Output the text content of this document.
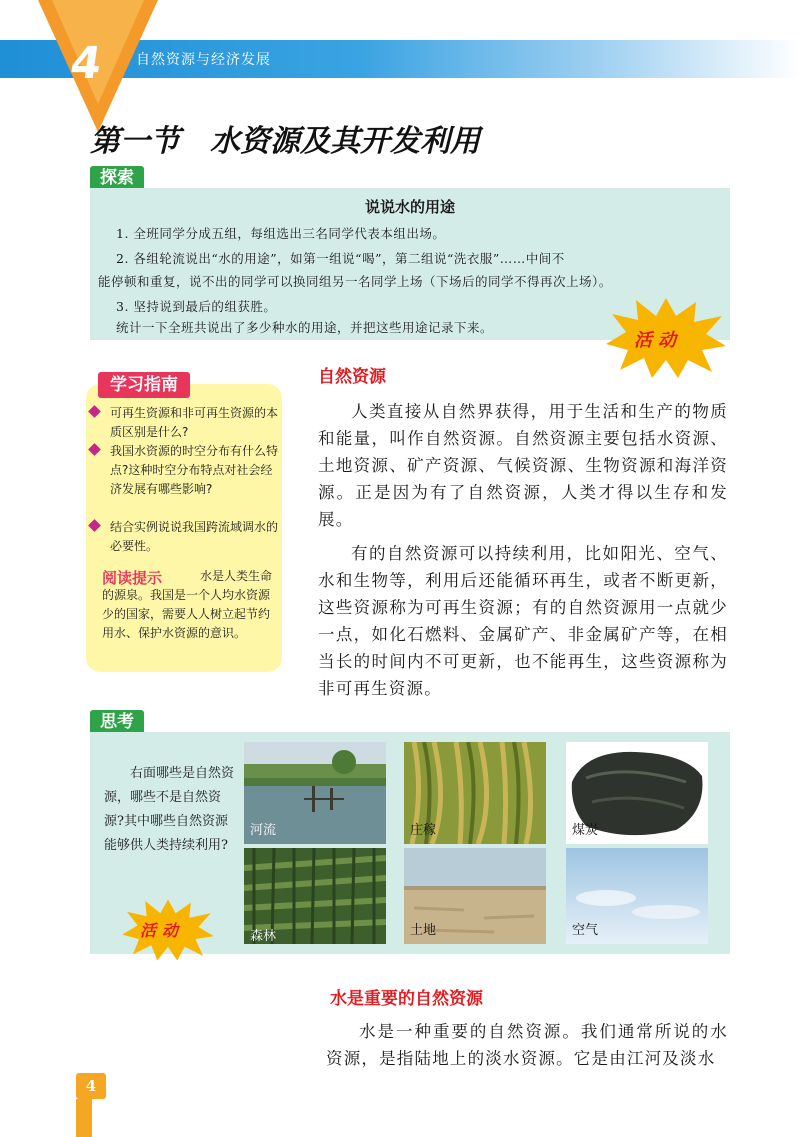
4	自然资源与经济发展
第一节　水资源及其开发利用
探索
说说水的用途

1. 全班同学分成五组，每组选出三名同学代表本组出场。

2. 各组轮流说出“水的用途”，如第一组说“喝”，第二组说“洗衣服”……中间不

能停顿和重复，说不出的同学可以换同组另一名同学上场（下场后的同学不得再次上场）。

3. 坚持说到最后的组获胜。

统计一下全班共说出了多少种水的用途，并把这些用途记录下来。

活动
学习指南
可再生资源和非可再生资源的本质区别是什么?
我国水资源的时空分布有什么特点?这种时空分布特点对社会经济发展有哪些影响?
结合实例说说我国跨流域调水的必要性。
水是人类生命的源泉。我国是一个人均水资源少的国家，需要人人树立起节约用水、保护水资源的意识。
阅读提示
自然资源

人类直接从自然界获得，用于生活和生产的物质和能量，叫作自然资源。自然资源主要包括水资源、土地资源、矿产资源、气候资源、生物资源和海洋资源。正是因为有了自然资源，人类才得以生存和发展。

有的自然资源可以持续利用，比如阳光、空气、水和生物等，利用后还能循环再生，或者不断更新，这些资源称为可再生资源；有的自然资源用一点就少一点，如化石燃料、金属矿产、非金属矿产等，在相当长的时间内不可更新，也不能再生，这些资源称为非可再生资源。

思考
右面哪些是自然资源，哪些不是自然资源?其中哪些自然资源能够供人类持续利用?
活动
河流	庄稼	煤炭
森林	土地	空气
水是重要的自然资源

水是一种重要的自然资源。我们通常所说的水资源，是指陆地上的淡水资源。它是由江河及淡水

4
